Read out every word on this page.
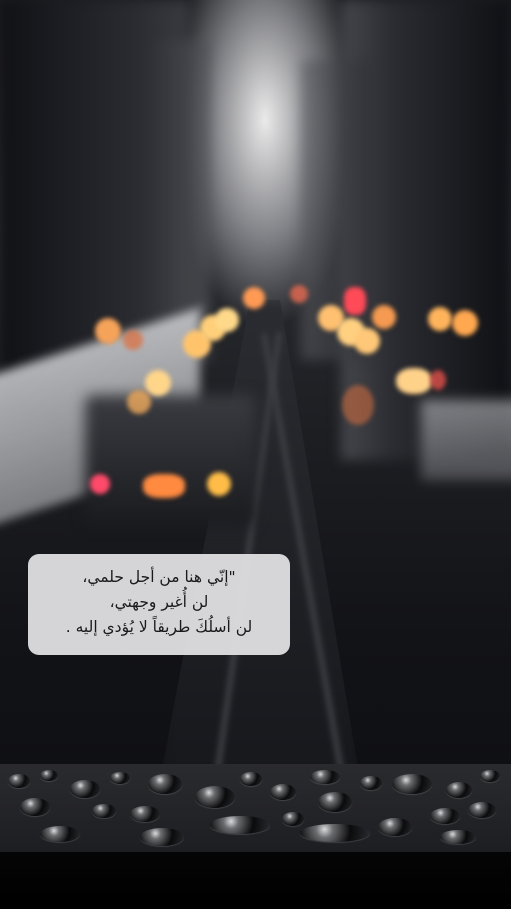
"إنّي هنا من أجل حلمي،
لن أُغير وجهتي،
لن أسلُكَ طريقاً لا يُؤدي إليه .
